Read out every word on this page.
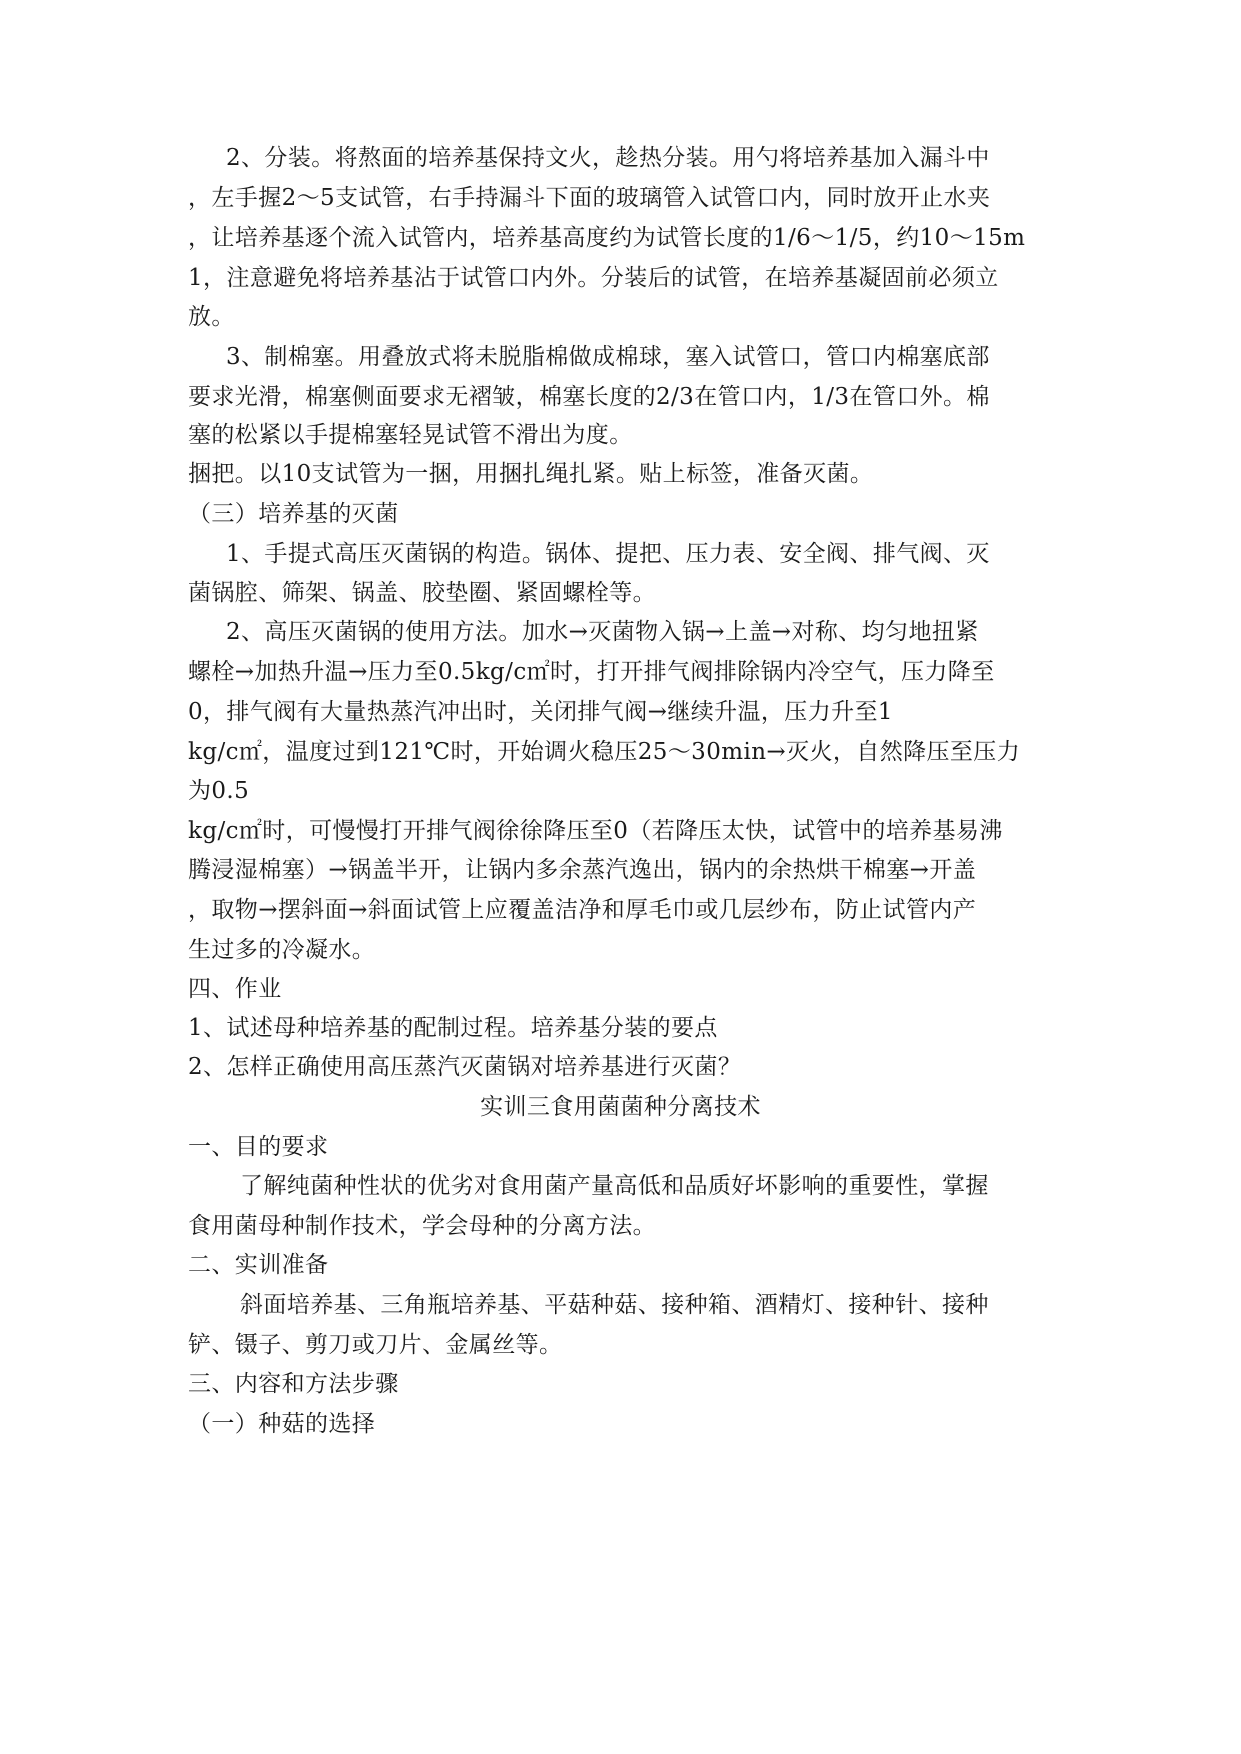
2、分装。将熬面的培养基保持文火，趁热分装。用勺将培养基加入漏斗中
，左手握2～5支试管，右手持漏斗下面的玻璃管入试管口内，同时放开止水夹
，让培养基逐个流入试管内，培养基高度约为试管长度的1/6～1/5，约10～15m
1，注意避免将培养基沾于试管口内外。分装后的试管，在培养基凝固前必须立
放。
3、制棉塞。用叠放式将未脱脂棉做成棉球，塞入试管口，管口内棉塞底部
要求光滑，棉塞侧面要求无褶皱，棉塞长度的2/3在管口内，1/3在管口外。棉
塞的松紧以手提棉塞轻晃试管不滑出为度。
捆把。以10支试管为一捆，用捆扎绳扎紧。贴上标签，准备灭菌。
（三）培养基的灭菌
1、手提式高压灭菌锅的构造。锅体、提把、压力表、安全阀、排气阀、灭
菌锅腔、筛架、锅盖、胶垫圈、紧固螺栓等。
2、高压灭菌锅的使用方法。加水→灭菌物入锅→上盖→对称、均匀地扭紧
螺栓→加热升温→压力至0.5kg/c㎡时，打开排气阀排除锅内冷空气，压力降至
0，排气阀有大量热蒸汽冲出时，关闭排气阀→继续升温，压力升至1
kg/c㎡，温度过到121℃时，开始调火稳压25～30min→灭火，自然降压至压力
为0.5
kg/c㎡时，可慢慢打开排气阀徐徐降压至0（若降压太快，试管中的培养基易沸
腾浸湿棉塞）→锅盖半开，让锅内多余蒸汽逸出，锅内的余热烘干棉塞→开盖
，取物→摆斜面→斜面试管上应覆盖洁净和厚毛巾或几层纱布，防止试管内产
生过多的冷凝水。
四、作业
1、试述母种培养基的配制过程。培养基分装的要点
2、怎样正确使用高压蒸汽灭菌锅对培养基进行灭菌？
实训三食用菌菌种分离技术
一、目的要求
了解纯菌种性状的优劣对食用菌产量高低和品质好坏影响的重要性，掌握
食用菌母种制作技术，学会母种的分离方法。
二、实训准备
斜面培养基、三角瓶培养基、平菇种菇、接种箱、酒精灯、接种针、接种
铲、镊子、剪刀或刀片、金属丝等。
三、内容和方法步骤
（一）种菇的选择
